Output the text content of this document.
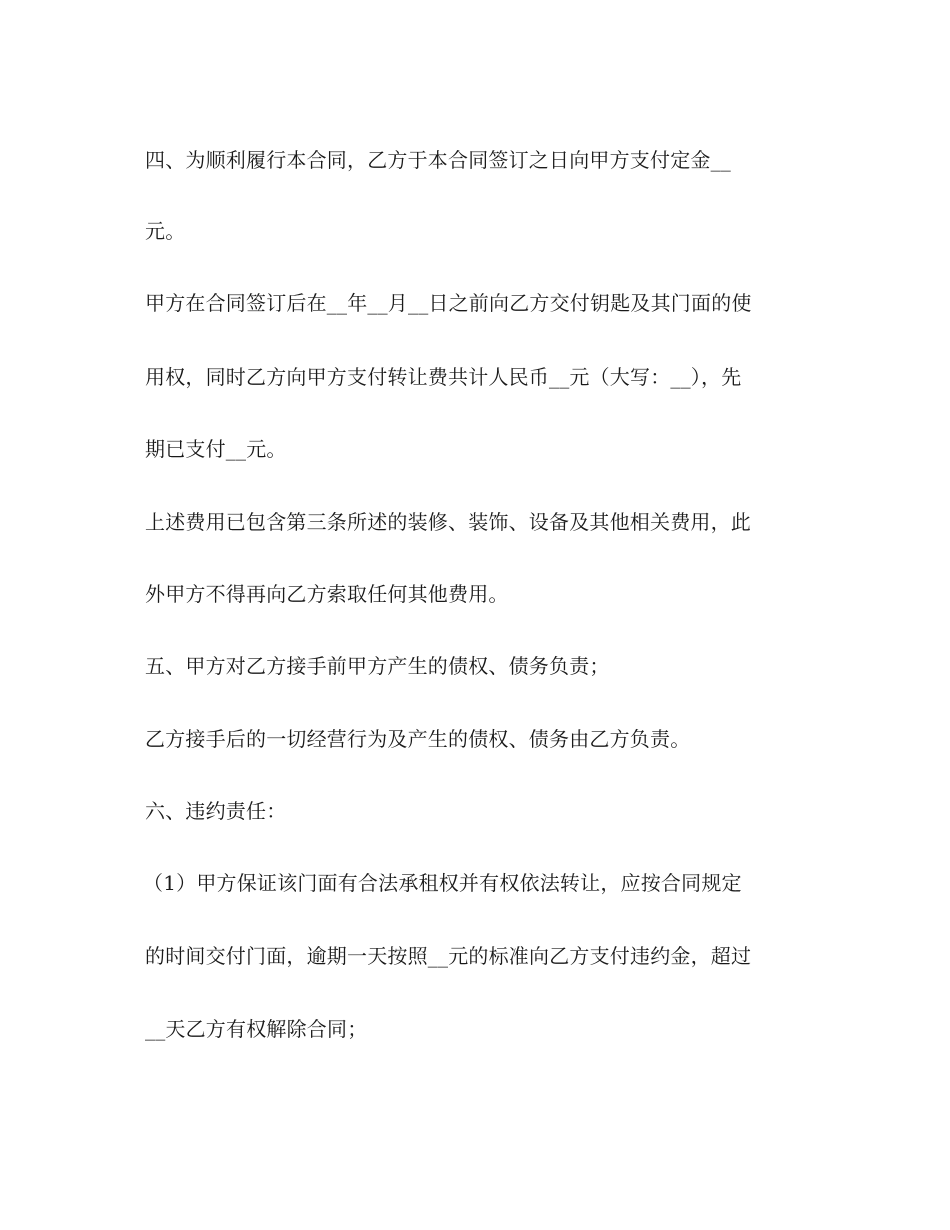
四、为顺利履行本合同，乙方于本合同签订之日向甲方支付定金__
元。
甲方在合同签订后在__年__月__日之前向乙方交付钥匙及其门面的使
用权，同时乙方向甲方支付转让费共计人民币__元（大写：__），先
期已支付__元。
上述费用已包含第三条所述的装修、装饰、设备及其他相关费用，此
外甲方不得再向乙方索取任何其他费用。
五、甲方对乙方接手前甲方产生的债权、债务负责；
乙方接手后的一切经营行为及产生的债权、债务由乙方负责。
六、违约责任：
（1）甲方保证该门面有合法承租权并有权依法转让，应按合同规定
的时间交付门面，逾期一天按照__元的标准向乙方支付违约金，超过
__天乙方有权解除合同；
